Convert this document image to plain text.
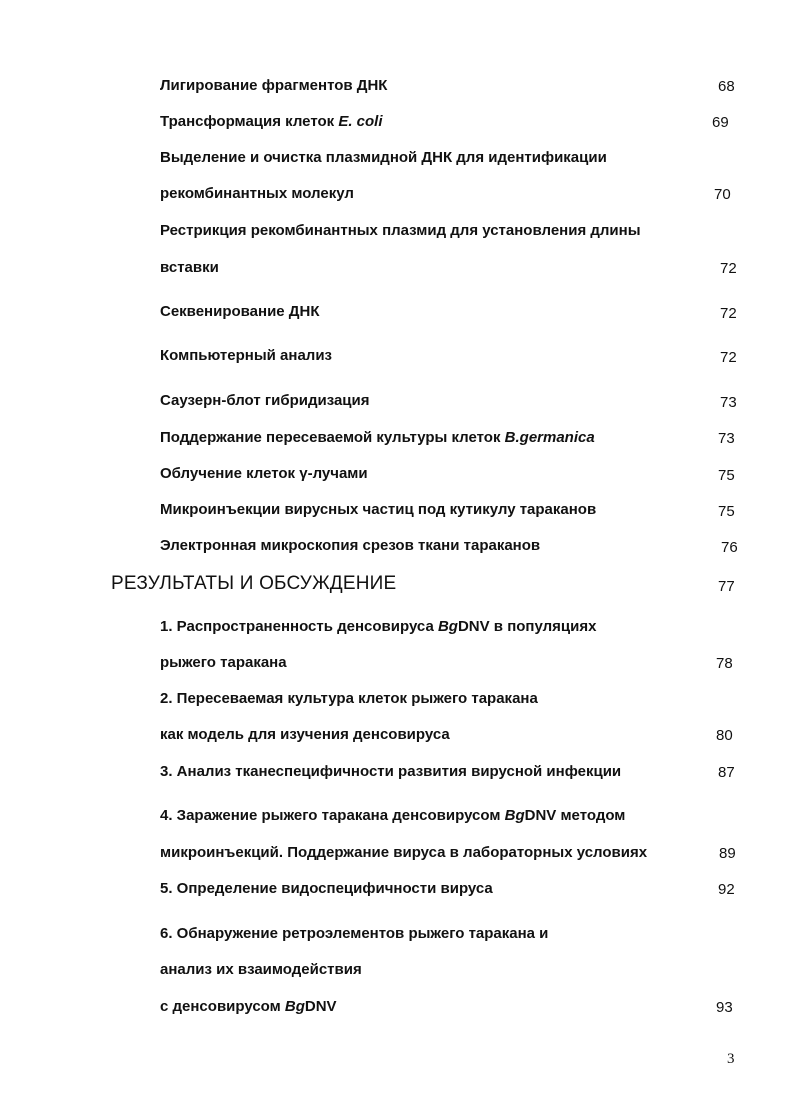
Лигирование фрагментов ДНК	68
Трансформация клеток E. coli	69
Выделение и очистка плазмидной ДНК для идентификации
рекомбинантных молекул	70
Рестрикция рекомбинантных плазмид для установления длины
вставки	72
Секвенирование ДНК	72
Компьютерный анализ	72
Саузерн-блот гибридизация	73
Поддержание пересеваемой культуры клеток B.germanica	73
Облучение клеток γ-лучами	75
Микроинъекции вирусных частиц под кутикулу тараканов	75
Электронная микроскопия срезов ткани тараканов	76
РЕЗУЛЬТАТЫ И ОБСУЖДЕНИЕ	77
1. Распространенность денсовируса BgDNV в популяциях
рыжего таракана	78
2. Пересеваемая культура клеток рыжего таракана
как модель для изучения денсовируса	80
3. Анализ тканеспецифичности развития вирусной инфекции	87
4. Заражение рыжего таракана денсовирусом BgDNV методом
микроинъекций. Поддержание вируса в лабораторных условиях	89
5. Определение видоспецифичности вируса	92
6. Обнаружение ретроэлементов рыжего таракана и
анализ их взаимодействия
с денсовирусом BgDNV	93
3
